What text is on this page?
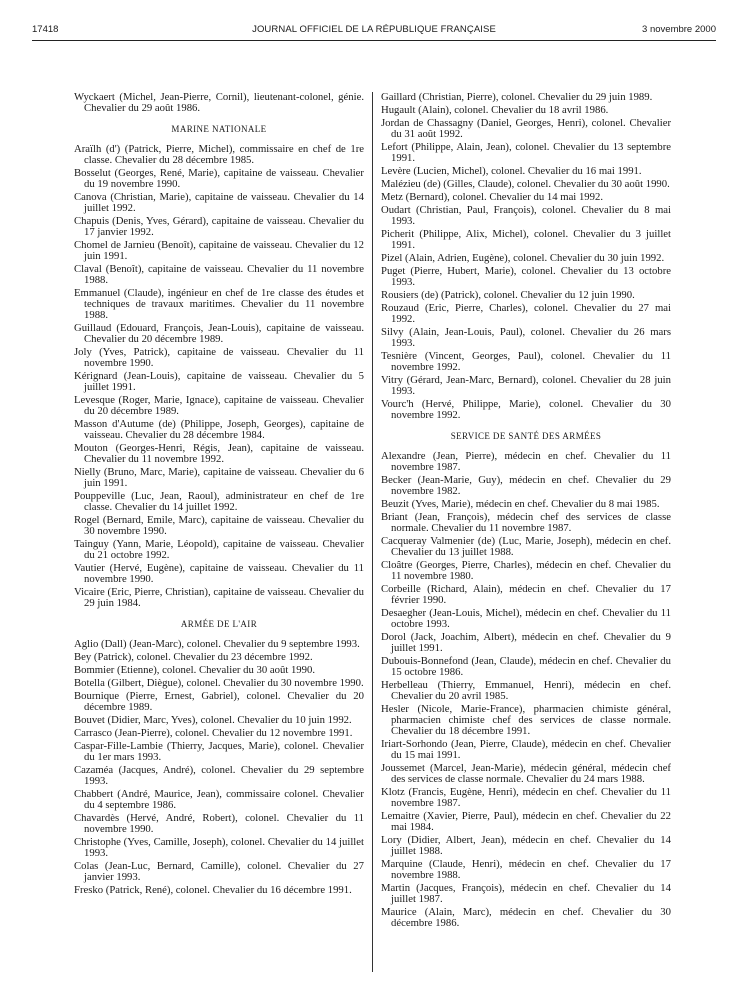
17418	JOURNAL OFFICIEL DE LA RÉPUBLIQUE FRANÇAISE	3 novembre 2000
Wyckaert (Michel, Jean-Pierre, Cornil), lieutenant-colonel, génie. Chevalier du 29 août 1986.
MARINE NATIONALE
Araïlh (d') (Patrick, Pierre, Michel), commissaire en chef de 1re classe. Chevalier du 28 décembre 1985.
Bosselut (Georges, René, Marie), capitaine de vaisseau. Chevalier du 19 novembre 1990.
Canova (Christian, Marie), capitaine de vaisseau. Chevalier du 14 juillet 1992.
Chapuis (Denis, Yves, Gérard), capitaine de vaisseau. Chevalier du 17 janvier 1992.
Chomel de Jarnieu (Benoît), capitaine de vaisseau. Chevalier du 12 juin 1991.
Claval (Benoît), capitaine de vaisseau. Chevalier du 11 novembre 1988.
Emmanuel (Claude), ingénieur en chef de 1re classe des études et techniques de travaux maritimes. Chevalier du 11 novembre 1988.
Guillaud (Edouard, François, Jean-Louis), capitaine de vaisseau. Chevalier du 20 décembre 1989.
Joly (Yves, Patrick), capitaine de vaisseau. Chevalier du 11 novembre 1990.
Kérignard (Jean-Louis), capitaine de vaisseau. Chevalier du 5 juillet 1991.
Levesque (Roger, Marie, Ignace), capitaine de vaisseau. Chevalier du 20 décembre 1989.
Masson d'Autume (de) (Philippe, Joseph, Georges), capitaine de vaisseau. Chevalier du 28 décembre 1984.
Mouton (Georges-Henri, Régis, Jean), capitaine de vaisseau. Chevalier du 11 novembre 1992.
Nielly (Bruno, Marc, Marie), capitaine de vaisseau. Chevalier du 6 juin 1991.
Pouppeville (Luc, Jean, Raoul), administrateur en chef de 1re classe. Chevalier du 14 juillet 1992.
Rogel (Bernard, Emile, Marc), capitaine de vaisseau. Chevalier du 30 novembre 1990.
Tainguy (Yann, Marie, Léopold), capitaine de vaisseau. Chevalier du 21 octobre 1992.
Vautier (Hervé, Eugène), capitaine de vaisseau. Chevalier du 11 novembre 1990.
Vicaire (Eric, Pierre, Christian), capitaine de vaisseau. Chevalier du 29 juin 1984.
ARMÉE DE L'AIR
Aglio (Dall) (Jean-Marc), colonel. Chevalier du 9 septembre 1993.
Bey (Patrick), colonel. Chevalier du 23 décembre 1992.
Bommier (Etienne), colonel. Chevalier du 30 août 1990.
Botella (Gilbert, Diègue), colonel. Chevalier du 30 novembre 1990.
Bournique (Pierre, Ernest, Gabriel), colonel. Chevalier du 20 décembre 1989.
Bouvet (Didier, Marc, Yves), colonel. Chevalier du 10 juin 1992.
Carrasco (Jean-Pierre), colonel. Chevalier du 12 novembre 1991.
Caspar-Fille-Lambie (Thierry, Jacques, Marie), colonel. Chevalier du 1er mars 1993.
Cazaméa (Jacques, André), colonel. Chevalier du 29 septembre 1993.
Chabbert (André, Maurice, Jean), commissaire colonel. Chevalier du 4 septembre 1986.
Chavardès (Hervé, André, Robert), colonel. Chevalier du 11 novembre 1990.
Christophe (Yves, Camille, Joseph), colonel. Chevalier du 14 juillet 1993.
Colas (Jean-Luc, Bernard, Camille), colonel. Chevalier du 27 janvier 1993.
Fresko (Patrick, René), colonel. Chevalier du 16 décembre 1991.
Gaillard (Christian, Pierre), colonel. Chevalier du 29 juin 1989.
Hugault (Alain), colonel. Chevalier du 18 avril 1986.
Jordan de Chassagny (Daniel, Georges, Henri), colonel. Chevalier du 31 août 1992.
Lefort (Philippe, Alain, Jean), colonel. Chevalier du 13 septembre 1991.
Levère (Lucien, Michel), colonel. Chevalier du 16 mai 1991.
Malézieu (de) (Gilles, Claude), colonel. Chevalier du 30 août 1990.
Metz (Bernard), colonel. Chevalier du 14 mai 1992.
Oudart (Christian, Paul, François), colonel. Chevalier du 8 mai 1993.
Picherit (Philippe, Alix, Michel), colonel. Chevalier du 3 juillet 1991.
Pizel (Alain, Adrien, Eugène), colonel. Chevalier du 30 juin 1992.
Puget (Pierre, Hubert, Marie), colonel. Chevalier du 13 octobre 1993.
Rousiers (de) (Patrick), colonel. Chevalier du 12 juin 1990.
Rouzaud (Eric, Pierre, Charles), colonel. Chevalier du 27 mai 1992.
Silvy (Alain, Jean-Louis, Paul), colonel. Chevalier du 26 mars 1993.
Tesnière (Vincent, Georges, Paul), colonel. Chevalier du 11 novembre 1992.
Vitry (Gérard, Jean-Marc, Bernard), colonel. Chevalier du 28 juin 1993.
Vourc'h (Hervé, Philippe, Marie), colonel. Chevalier du 30 novembre 1992.
SERVICE DE SANTÉ DES ARMÉES
Alexandre (Jean, Pierre), médecin en chef. Chevalier du 11 novembre 1987.
Becker (Jean-Marie, Guy), médecin en chef. Chevalier du 29 novembre 1982.
Beuzit (Yves, Marie), médecin en chef. Chevalier du 8 mai 1985.
Briant (Jean, François), médecin chef des services de classe normale. Chevalier du 11 novembre 1987.
Cacqueray Valmenier (de) (Luc, Marie, Joseph), médecin en chef. Chevalier du 13 juillet 1988.
Cloâtre (Georges, Pierre, Charles), médecin en chef. Chevalier du 11 novembre 1980.
Corbeille (Richard, Alain), médecin en chef. Chevalier du 17 février 1990.
Desaegher (Jean-Louis, Michel), médecin en chef. Chevalier du 11 octobre 1993.
Dorol (Jack, Joachim, Albert), médecin en chef. Chevalier du 9 juillet 1991.
Dubouis-Bonnefond (Jean, Claude), médecin en chef. Chevalier du 15 octobre 1986.
Herbelleau (Thierry, Emmanuel, Henri), médecin en chef. Chevalier du 20 avril 1985.
Hesler (Nicole, Marie-France), pharmacien chimiste général, pharmacien chimiste chef des services de classe normale. Chevalier du 18 décembre 1991.
Iriart-Sorhondo (Jean, Pierre, Claude), médecin en chef. Chevalier du 15 mai 1991.
Joussemet (Marcel, Jean-Marie), médecin général, médecin chef des services de classe normale. Chevalier du 24 mars 1988.
Klotz (Francis, Eugène, Henri), médecin en chef. Chevalier du 11 novembre 1987.
Lemaitre (Xavier, Pierre, Paul), médecin en chef. Chevalier du 22 mai 1984.
Lory (Didier, Albert, Jean), médecin en chef. Chevalier du 14 juillet 1988.
Marquine (Claude, Henri), médecin en chef. Chevalier du 17 novembre 1988.
Martin (Jacques, François), médecin en chef. Chevalier du 14 juillet 1987.
Maurice (Alain, Marc), médecin en chef. Chevalier du 30 décembre 1986.
